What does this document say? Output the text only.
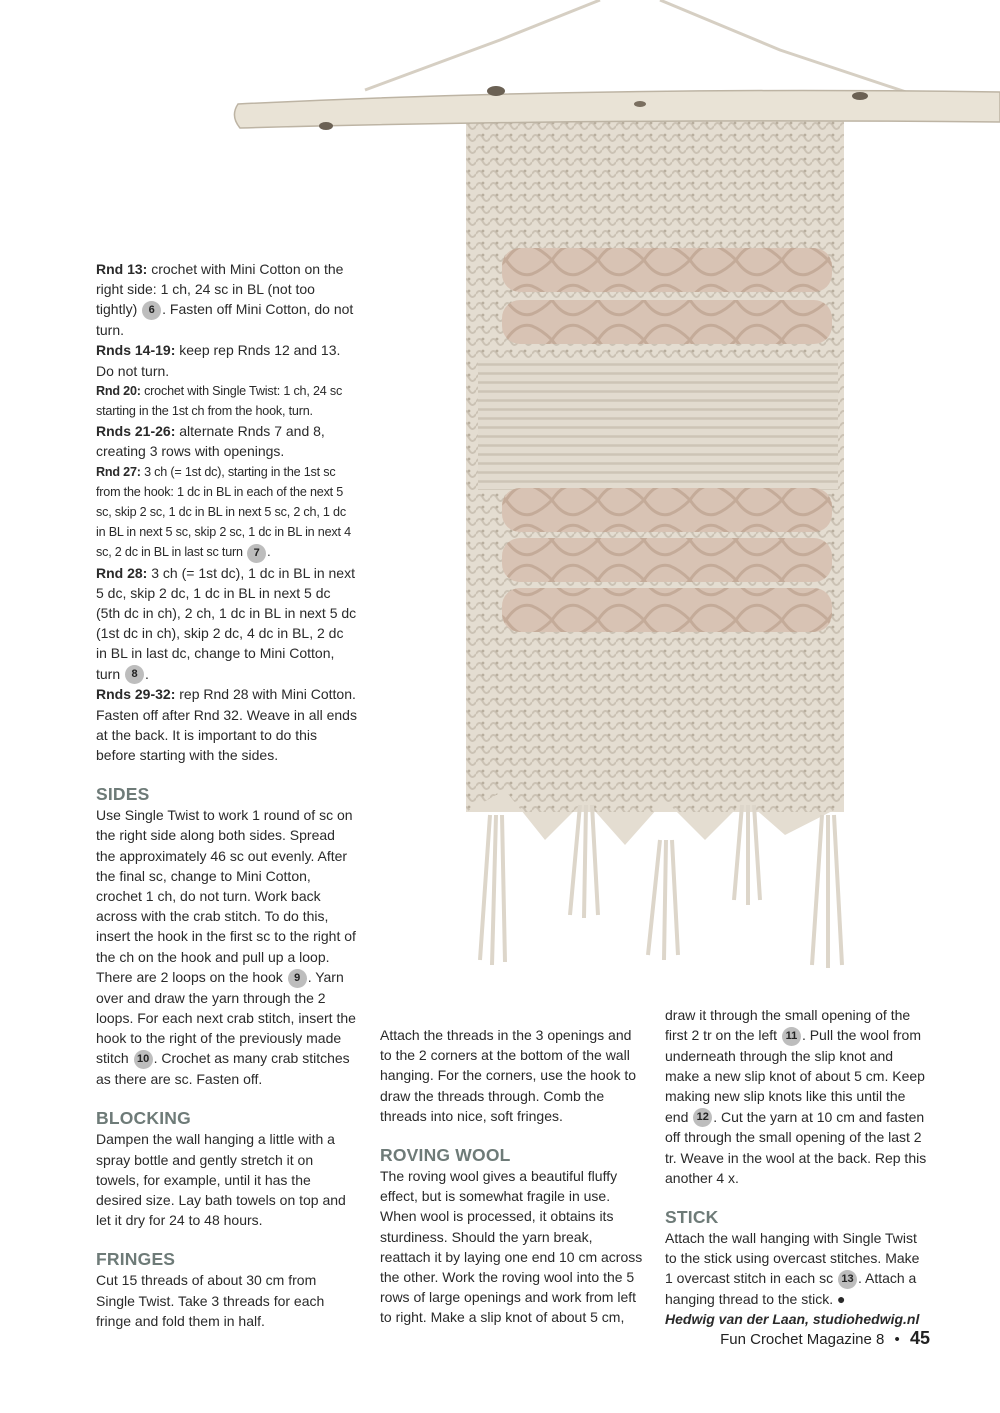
Rnd 13: crochet with Mini Cotton on the right side: 1 ch, 24 sc in BL (not too tightly) 6 . Fasten off Mini Cotton, do not turn.

Rnds 14-19: keep rep Rnds 12 and 13. Do not turn.

Rnd 20: crochet with Single Twist: 1 ch, 24 sc starting in the 1st ch from the hook, turn.

Rnds 21-26: alternate Rnds 7 and 8, creating 3 rows with openings.

Rnd 27: 3 ch (= 1st dc), starting in the 1st sc from the hook: 1 dc in BL in each of the next 5 sc, skip 2 sc, 1 dc in BL in next 5 sc, 2 ch, 1 dc in BL in next 5 sc, skip 2 sc, 1 dc in BL in next 4 sc, 2 dc in BL in last sc turn 7 .

Rnd 28: 3 ch (= 1st dc), 1 dc in BL in next 5 dc, skip 2 dc, 1 dc in BL in next 5 dc (5th dc in ch), 2 ch, 1 dc in BL in next 5 dc (1st dc in ch), skip 2 dc, 4 dc in BL, 2 dc in BL in last dc, change to Mini Cotton, turn 8 .

Rnds 29-32: rep Rnd 28 with Mini Cotton. Fasten off after Rnd 32. Weave in all ends at the back. It is important to do this before starting with the sides.

SIDES

Use Single Twist to work 1 round of sc on the right side along both sides. Spread the approximately 46 sc out evenly. After the final sc, change to Mini Cotton, crochet 1 ch, do not turn. Work back across with the crab stitch. To do this, insert the hook in the first sc to the right of the ch on the hook and pull up a loop. There are 2 loops on the hook 9 . Yarn over and draw the yarn through the 2 loops. For each next crab stitch, insert the hook to the right of the previously made stitch 10 . Crochet as many crab stitches as there are sc. Fasten off.

BLOCKING

Dampen the wall hanging a little with a spray bottle and gently stretch it on towels, for example, until it has the desired size. Lay bath towels on top and let it dry for 24 to 48 hours.

FRINGES

Cut 15 threads of about 30 cm from Single Twist. Take 3 threads for each fringe and fold them in half.

Attach the threads in the 3 openings and to the 2 corners at the bottom of the wall hanging. For the corners, use the hook to draw the threads through. Comb the threads into nice, soft fringes.

ROVING WOOL

The roving wool gives a beautiful fluffy effect, but is somewhat fragile in use. When wool is processed, it obtains its sturdiness. Should the yarn break, reattach it by laying one end 10 cm across the other. Work the roving wool into the 5 rows of large openings and work from left to right. Make a slip knot of about 5 cm,

draw it through the small opening of the first 2 tr on the left 11 . Pull the wool from underneath through the slip knot and make a new slip knot of about 5 cm. Keep making new slip knots like this until the end 12 . Cut the yarn at 10 cm and fasten off through the small opening of the last 2 tr. Weave in the wool at the back. Rep this another 4 x.

STICK

Attach the wall hanging with Single Twist to the stick using overcast stitches. Make 1 overcast stitch in each sc 13 . Attach a hanging thread to the stick. ●

Hedwig van der Laan, studiohedwig.nl

Fun Crochet Magazine 8 • 45
